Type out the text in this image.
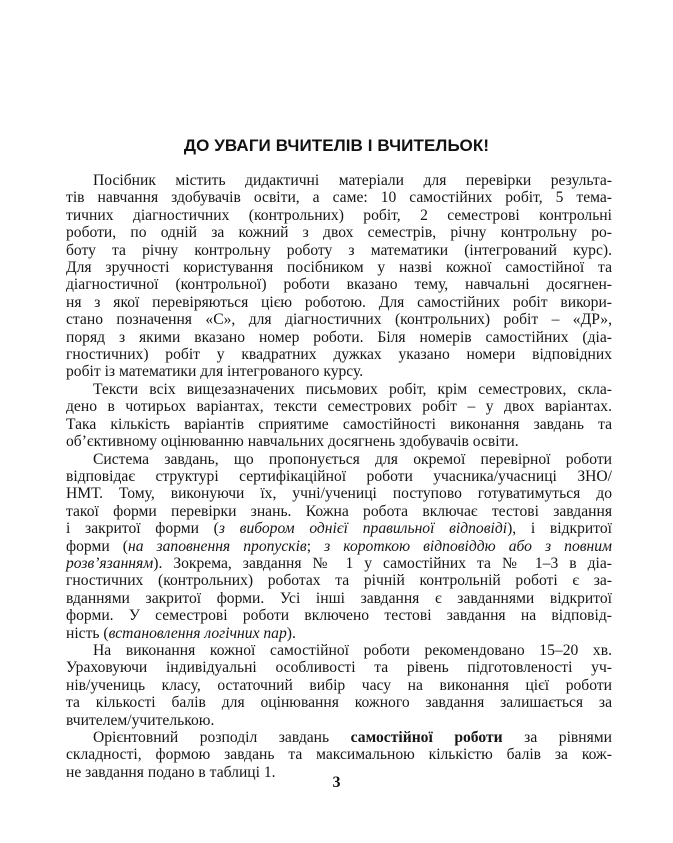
ДО УВАГИ ВЧИТЕЛІВ І ВЧИТЕЛЬОК!
Посібник містить дидактичні матеріали для перевірки результа-
тів навчання здобувачів освіти, а саме: 10 самостійних робіт, 5 тема-
тичних діагностичних (контрольних) робіт, 2 семестрові контрольні
роботи, по одній за кожний з двох семестрів, річну контрольну ро-
боту та річну контрольну роботу з математики (інтегрований курс).
Для зручності користування посібником у назві кожної самостійної та
діагностичної (контрольної) роботи вказано тему, навчальні досягнен-
ня з якої перевіряються цією роботою. Для самостійних робіт викори-
стано позначення «С», для діагностичних (контрольних) робіт – «ДР»,
поряд з якими вказано номер роботи. Біля номерів самостійних (діа-
гностичних) робіт у квадратних дужках указано номери відповідних
робіт із математики для інтегрованого курсу.
Тексти всіх вищезазначених письмових робіт, крім семестрових, скла-
дено в чотирьох варіантах, тексти семестрових робіт – у двох варіантах.
Така кількість варіантів сприятиме самостійності виконання завдань та
об’єктивному оцінюванню навчальних досягнень здобувачів освіти.
Система завдань, що пропонується для окремої перевірної роботи
відповідає структурі сертифікаційної роботи учасника/учасниці ЗНО/
НМТ. Тому, виконуючи їх, учні/учениці поступово готуватимуться до
такої форми перевірки знань. Кожна робота включає тестові завдання
і закритої форми (з вибором однієї правильної відповіді), і відкритої
форми (на заповнення пропусків; з короткою відповіддю або з повним
розв’язанням). Зокрема, завдання № 1 у самостійних та № 1–3 в діа-
гностичних (контрольних) роботах та річній контрольній роботі є за-
вданнями закритої форми. Усі інші завдання є завданнями відкритої
форми. У семестрові роботи включено тестові завдання на відповід-
ність (встановлення логічних пар).
На виконання кожної самостійної роботи рекомендовано 15–20 хв.
Ураховуючи індивідуальні особливості та рівень підготовленості уч-
нів/учениць класу, остаточний вибір часу на виконання цієї роботи
та кількості балів для оцінювання кожного завдання залишається за
вчителем/учителькою.
Орієнтовний розподіл завдань самостійної роботи за рівнями
складності, формою завдань та максимальною кількістю балів за кож-
не завдання подано в таблиці 1.
3
